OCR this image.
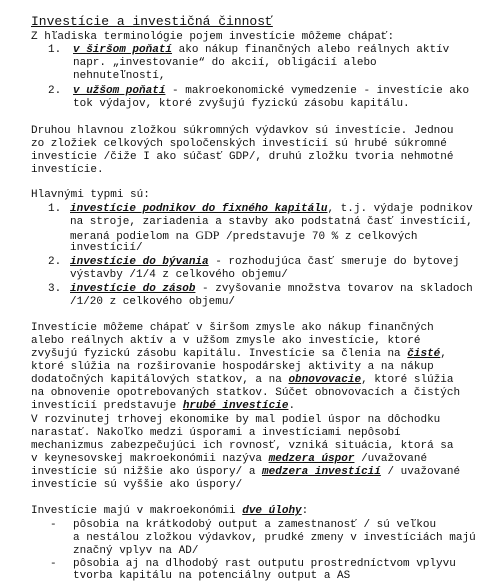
Investície a investičná činnosť
Z hľadiska terminológie pojem investície môžeme chápať:
1. v širšom poňatí ako nákup finančných alebo reálnych aktív
napr. „investovanie“ do akcií, obligácií alebo
nehnuteľností,
2. v užšom poňatí - makroekonomické vymedzenie - investície ako
tok výdajov, ktoré zvyšujú fyzickú zásobu kapitálu.
Druhou hlavnou zložkou súkromných výdavkov sú investície. Jednou
zo zložiek celkových spoločenských investícií sú hrubé súkromné
investície /čiže I ako súčasť GDP/, druhú zložku tvoria nehmotné
investície.
Hlavnými typmi sú:
1. investície podnikov do fixného kapitálu, t.j. výdaje podnikov
na stroje, zariadenia a stavby ako podstatná časť investícií,
meraná podielom na GDP /predstavuje 70 % z celkových
investícií/
2. investície do bývania - rozhodujúca časť smeruje do bytovej
výstavby /1/4 z celkového objemu/
3. investície do zásob - zvyšovanie množstva tovarov na skladoch
/1/20 z celkového objemu/
Investície môžeme chápať v širšom zmysle ako nákup finančných
alebo reálnych aktív a v užšom zmysle ako investície, ktoré
zvyšujú fyzickú zásobu kapitálu. Investície sa členia na čisté,
ktoré slúžia na rozširovanie hospodárskej aktivity a na nákup
dodatočných kapitálových statkov, a na obnovovacie, ktoré slúžia
na obnovenie opotrebovaných statkov. Súčet obnovovacích a čistých
investícií predstavuje hrubé investície.
V rozvinutej trhovej ekonomike by mal podiel úspor na dôchodku
narastať. Nakoľko medzi úsporami a investíciami nepôsobí
mechanizmus zabezpečujúci ich rovnosť, vzniká situácia, ktorá sa
v keynesovskej makroekonómii nazýva medzera úspor /uvažované
investície sú nižšie ako úspory/ a medzera investícií / uvažované
investície sú vyššie ako úspory/
Investície majú v makroekonómii dve úlohy:
- pôsobia na krátkodobý output a zamestnanosť / sú veľkou
a nestálou zložkou výdavkov, prudké zmeny v investíciách majú
značný vplyv na AD/
- pôsobia aj na dlhodobý rast outputu prostredníctvom vplyvu
tvorba kapitálu na potenciálny output a AS
